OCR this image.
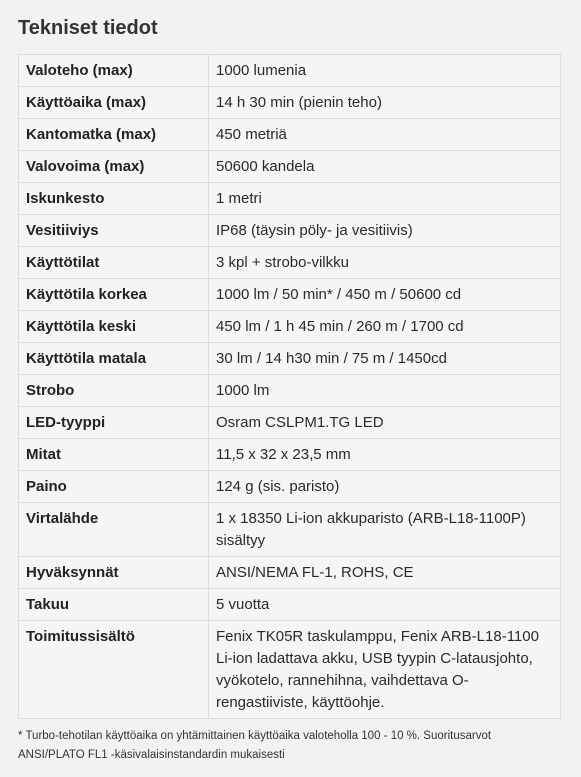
Tekniset tiedot
Valoteho (max)	1000 lumenia
Käyttöaika (max)	14 h 30 min (pienin teho)
Kantomatka (max)	450 metriä
Valovoima (max)	50600 kandela
Iskunkesto	1 metri
Vesitiiviys	IP68 (täysin pöly- ja vesitiivis)
Käyttötilat	3 kpl + strobo-vilkku
Käyttötila korkea	1000 lm / 50 min* / 450 m / 50600 cd
Käyttötila keski	450 lm / 1 h 45 min / 260 m / 1700 cd
Käyttötila matala	30 lm / 14 h30 min / 75 m / 1450cd
Strobo	1000 lm
LED-tyyppi	Osram CSLPM1.TG LED
Mitat	11,5 x 32 x 23,5 mm
Paino	124 g (sis. paristo)
Virtalähde	1 x 18350 Li-ion akkuparisto (ARB-L18-1100P) sisältyy
Hyväksynnät	ANSI/NEMA FL-1, ROHS, CE
Takuu	5 vuotta
Toimitussisältö	Fenix TK05R taskulamppu, Fenix ARB-L18-1100 Li-ion ladattava akku, USB tyypin C-latausjohto, vyökotelo, rannehihna, vaihdettava O-rengastiiviste, käyttöohje.
* Turbo-tehotilan käyttöaika on yhtämittainen käyttöaika valoteholla 100 - 10 %. Suoritusarvot ANSI/PLATO FL1 -käsivalaisinstandardin mukaisesti
